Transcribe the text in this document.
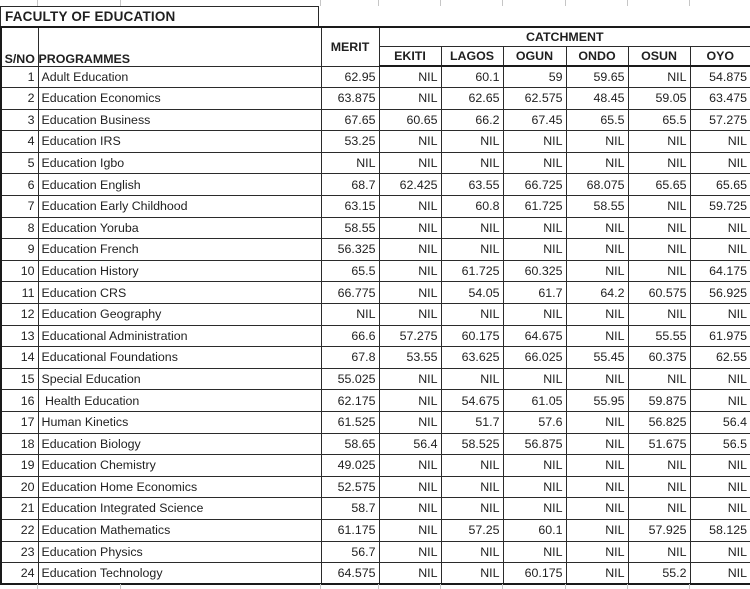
FACULTY OF EDUCATION
S/NO	PROGRAMMES	MERIT	CATCHMENT					
			EKITI	LAGOS	OGUN	ONDO	OSUN	OYO
1	Adult Education	62.95	NIL	60.1	59	59.65	NIL	54.875
2	Education Economics	63.875	NIL	62.65	62.575	48.45	59.05	63.475
3	Education Business	67.65	60.65	66.2	67.45	65.5	65.5	57.275
4	Education IRS	53.25	NIL	NIL	NIL	NIL	NIL	NIL
5	Education Igbo	NIL	NIL	NIL	NIL	NIL	NIL	NIL
6	Education English	68.7	62.425	63.55	66.725	68.075	65.65	65.65
7	Education Early Childhood	63.15	NIL	60.8	61.725	58.55	NIL	59.725
8	Education Yoruba	58.55	NIL	NIL	NIL	NIL	NIL	NIL
9	Education French	56.325	NIL	NIL	NIL	NIL	NIL	NIL
10	Education History	65.5	NIL	61.725	60.325	NIL	NIL	64.175
11	Education CRS	66.775	NIL	54.05	61.7	64.2	60.575	56.925
12	Education Geography	NIL	NIL	NIL	NIL	NIL	NIL	NIL
13	Educational Administration	66.6	57.275	60.175	64.675	NIL	55.55	61.975
14	Educational Foundations	67.8	53.55	63.625	66.025	55.45	60.375	62.55
15	Special Education	55.025	NIL	NIL	NIL	NIL	NIL	NIL
16	Health Education	62.175	NIL	54.675	61.05	55.95	59.875	NIL
17	Human Kinetics	61.525	NIL	51.7	57.6	NIL	56.825	56.4
18	Education Biology	58.65	56.4	58.525	56.875	NIL	51.675	56.5
19	Education Chemistry	49.025	NIL	NIL	NIL	NIL	NIL	NIL
20	Education Home Economics	52.575	NIL	NIL	NIL	NIL	NIL	NIL
21	Education Integrated Science	58.7	NIL	NIL	NIL	NIL	NIL	NIL
22	Education Mathematics	61.175	NIL	57.25	60.1	NIL	57.925	58.125
23	Education Physics	56.7	NIL	NIL	NIL	NIL	NIL	NIL
24	Education Technology	64.575	NIL	NIL	60.175	NIL	55.2	NIL
